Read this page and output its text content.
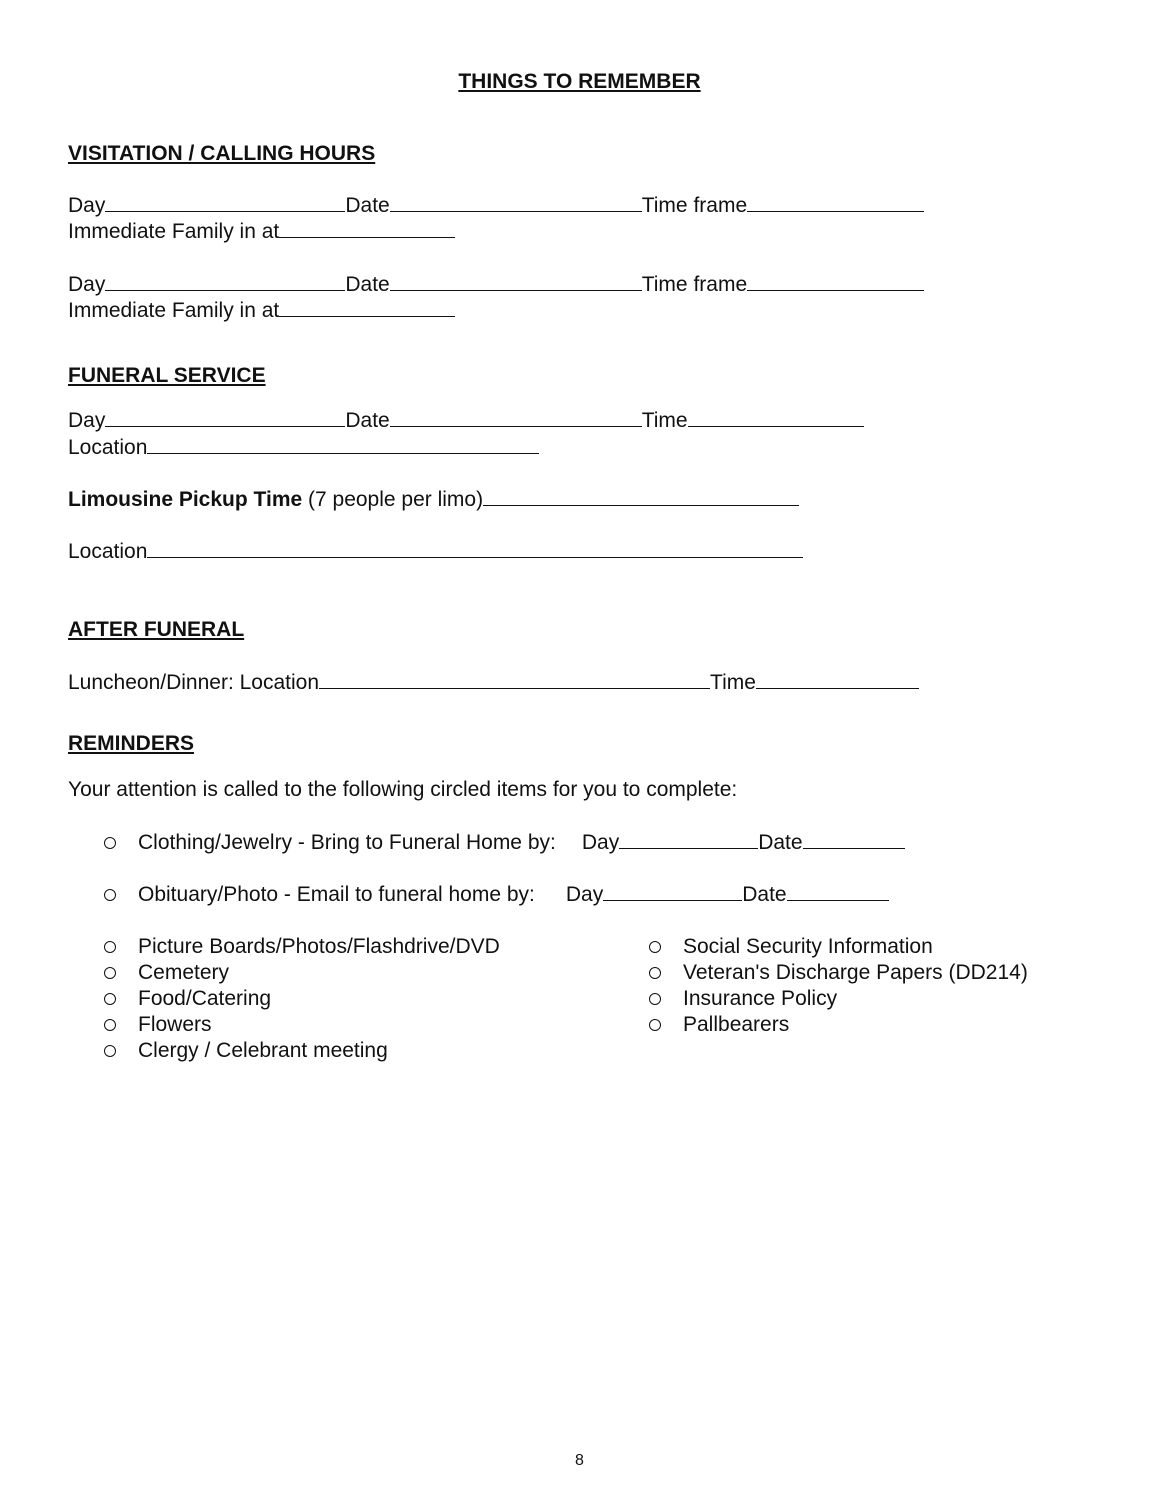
THINGS TO REMEMBER
VISITATION / CALLING HOURS
Day	Date	Time frame
Immediate Family in at
Day	Date	Time frame
Immediate Family in at
FUNERAL SERVICE
Day	Date	Time
Location
Limousine Pickup Time (7 people per limo)
Location
AFTER FUNERAL
Luncheon/Dinner: Location	Time
REMINDERS
Your attention is called to the following circled items for you to complete:
Clothing/Jewelry - Bring to Funeral Home by: Day	Date
Obituary/Photo - Email to funeral home by: Day	Date
Picture Boards/Photos/Flashdrive/DVD
Cemetery
Food/Catering
Flowers
Clergy / Celebrant meeting
Social Security Information
Veteran's Discharge Papers (DD214)
Insurance Policy
Pallbearers
8
